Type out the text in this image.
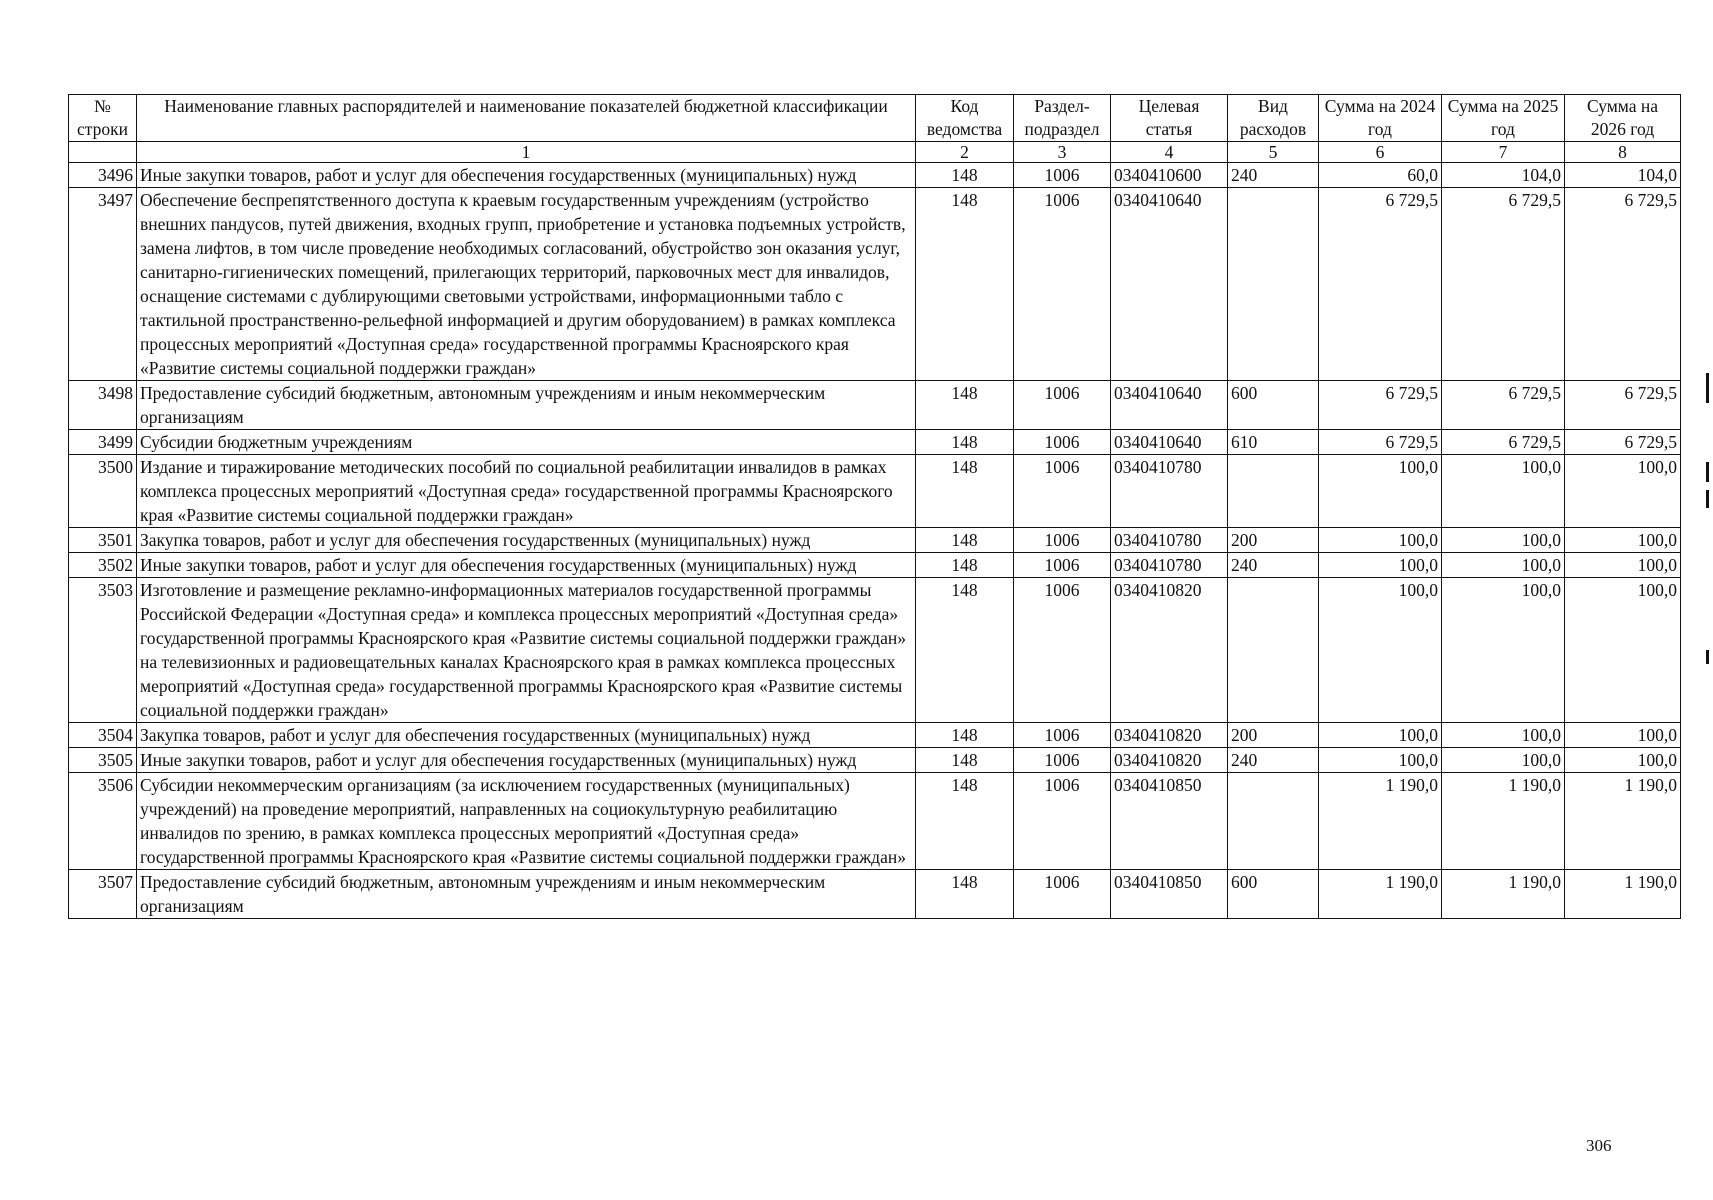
№ строки	Наименование главных распорядителей и наименование показателей бюджетной классификации	Код ведомства	Раздел-подраздел	Целевая статья	Вид расходов	Сумма на 2024 год	Сумма на 2025 год	Сумма на 2026 год
	1	2	3	4	5	6	7	8
3496	Иные закупки товаров, работ и услуг для обеспечения государственных (муниципальных) нужд	148	1006	0340410600	240	60,0	104,0	104,0
3497	Обеспечение беспрепятственного доступа к краевым государственным учреждениям (устройство внешних пандусов, путей движения, входных групп, приобретение и установка подъемных устройств, замена лифтов, в том числе проведение необходимых согласований, обустройство зон оказания услуг, санитарно-гигиенических помещений, прилегающих территорий, парковочных мест для инвалидов, оснащение системами с дублирующими световыми устройствами, информационными табло с тактильной пространственно-рельефной информацией и другим оборудованием) в рамках комплекса процессных мероприятий «Доступная среда» государственной программы Красноярского края «Развитие системы социальной поддержки граждан»	148	1006	0340410640		6 729,5	6 729,5	6 729,5
3498	Предоставление субсидий бюджетным, автономным учреждениям и иным некоммерческим организациям	148	1006	0340410640	600	6 729,5	6 729,5	6 729,5
3499	Субсидии бюджетным учреждениям	148	1006	0340410640	610	6 729,5	6 729,5	6 729,5
3500	Издание и тиражирование методических пособий по социальной реабилитации инвалидов в рамках комплекса процессных мероприятий «Доступная среда» государственной программы Красноярского края «Развитие системы социальной поддержки граждан»	148	1006	0340410780		100,0	100,0	100,0
3501	Закупка товаров, работ и услуг для обеспечения государственных (муниципальных) нужд	148	1006	0340410780	200	100,0	100,0	100,0
3502	Иные закупки товаров, работ и услуг для обеспечения государственных (муниципальных) нужд	148	1006	0340410780	240	100,0	100,0	100,0
3503	Изготовление и размещение рекламно-информационных материалов государственной программы Российской Федерации «Доступная среда» и комплекса процессных мероприятий «Доступная среда» государственной программы Красноярского края «Развитие системы социальной поддержки граждан» на телевизионных и радиовещательных каналах Красноярского края в рамках комплекса процессных мероприятий «Доступная среда» государственной программы Красноярского края «Развитие системы социальной поддержки граждан»	148	1006	0340410820		100,0	100,0	100,0
3504	Закупка товаров, работ и услуг для обеспечения государственных (муниципальных) нужд	148	1006	0340410820	200	100,0	100,0	100,0
3505	Иные закупки товаров, работ и услуг для обеспечения государственных (муниципальных) нужд	148	1006	0340410820	240	100,0	100,0	100,0
3506	Субсидии некоммерческим организациям (за исключением государственных (муниципальных) учреждений) на проведение мероприятий, направленных на социокультурную реабилитацию инвалидов по зрению, в рамках комплекса процессных мероприятий «Доступная среда» государственной программы Красноярского края «Развитие системы социальной поддержки граждан»	148	1006	0340410850		1 190,0	1 190,0	1 190,0
3507	Предоставление субсидий бюджетным, автономным учреждениям и иным некоммерческим организациям	148	1006	0340410850	600	1 190,0	1 190,0	1 190,0
306
